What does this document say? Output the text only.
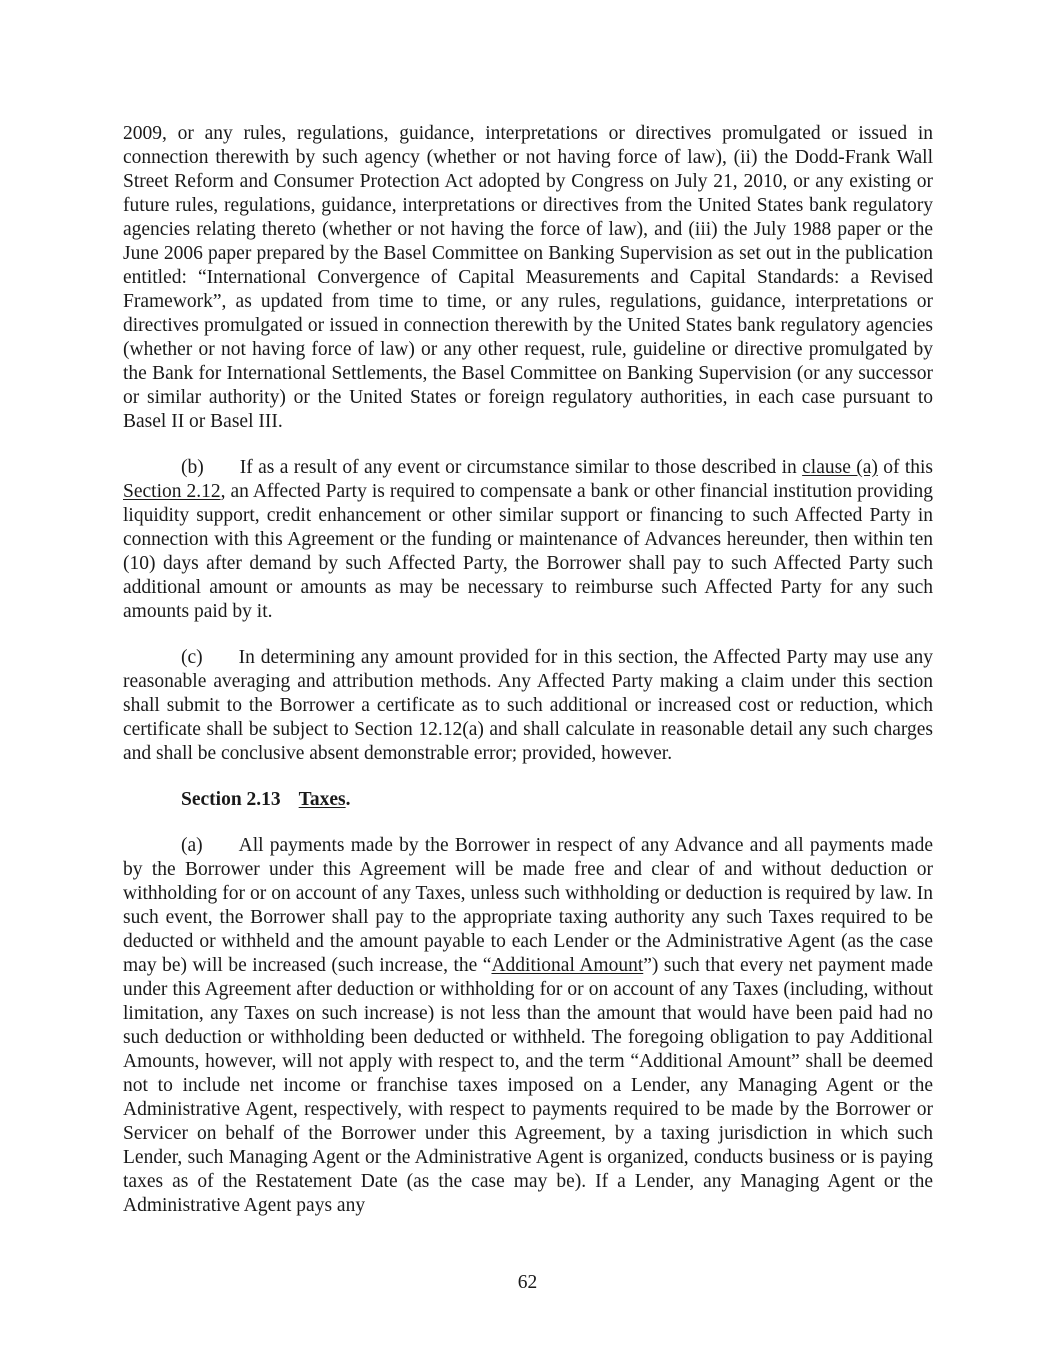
2009, or any rules, regulations, guidance, interpretations or directives promulgated or issued in connection therewith by such agency (whether or not having force of law), (ii) the Dodd-Frank Wall Street Reform and Consumer Protection Act adopted by Congress on July 21, 2010, or any existing or future rules, regulations, guidance, interpretations or directives from the United States bank regulatory agencies relating thereto (whether or not having the force of law), and (iii) the July 1988 paper or the June 2006 paper prepared by the Basel Committee on Banking Supervision as set out in the publication entitled: “International Convergence of Capital Measurements and Capital Standards: a Revised Framework”, as updated from time to time, or any rules, regulations, guidance, interpretations or directives promulgated or issued in connection therewith by the United States bank regulatory agencies (whether or not having force of law) or any other request, rule, guideline or directive promulgated by the Bank for International Settlements, the Basel Committee on Banking Supervision (or any successor or similar authority) or the United States or foreign regulatory authorities, in each case pursuant to Basel II or Basel III.

(b) If as a result of any event or circumstance similar to those described in clause (a) of this Section 2.12, an Affected Party is required to compensate a bank or other financial institution providing liquidity support, credit enhancement or other similar support or financing to such Affected Party in connection with this Agreement or the funding or maintenance of Advances hereunder, then within ten (10) days after demand by such Affected Party, the Borrower shall pay to such Affected Party such additional amount or amounts as may be necessary to reimburse such Affected Party for any such amounts paid by it.

(c) In determining any amount provided for in this section, the Affected Party may use any reasonable averaging and attribution methods. Any Affected Party making a claim under this section shall submit to the Borrower a certificate as to such additional or increased cost or reduction, which certificate shall be subject to Section 12.12(a) and shall calculate in reasonable detail any such charges and shall be conclusive absent demonstrable error; provided, however.

Section 2.13 Taxes.

(a) All payments made by the Borrower in respect of any Advance and all payments made by the Borrower under this Agreement will be made free and clear of and without deduction or withholding for or on account of any Taxes, unless such withholding or deduction is required by law. In such event, the Borrower shall pay to the appropriate taxing authority any such Taxes required to be deducted or withheld and the amount payable to each Lender or the Administrative Agent (as the case may be) will be increased (such increase, the “Additional Amount”) such that every net payment made under this Agreement after deduction or withholding for or on account of any Taxes (including, without limitation, any Taxes on such increase) is not less than the amount that would have been paid had no such deduction or withholding been deducted or withheld. The foregoing obligation to pay Additional Amounts, however, will not apply with respect to, and the term “Additional Amount” shall be deemed not to include net income or franchise taxes imposed on a Lender, any Managing Agent or the Administrative Agent, respectively, with respect to payments required to be made by the Borrower or Servicer on behalf of the Borrower under this Agreement, by a taxing jurisdiction in which such Lender, such Managing Agent or the Administrative Agent is organized, conducts business or is paying taxes as of the Restatement Date (as the case may be). If a Lender, any Managing Agent or the Administrative Agent pays any

62
